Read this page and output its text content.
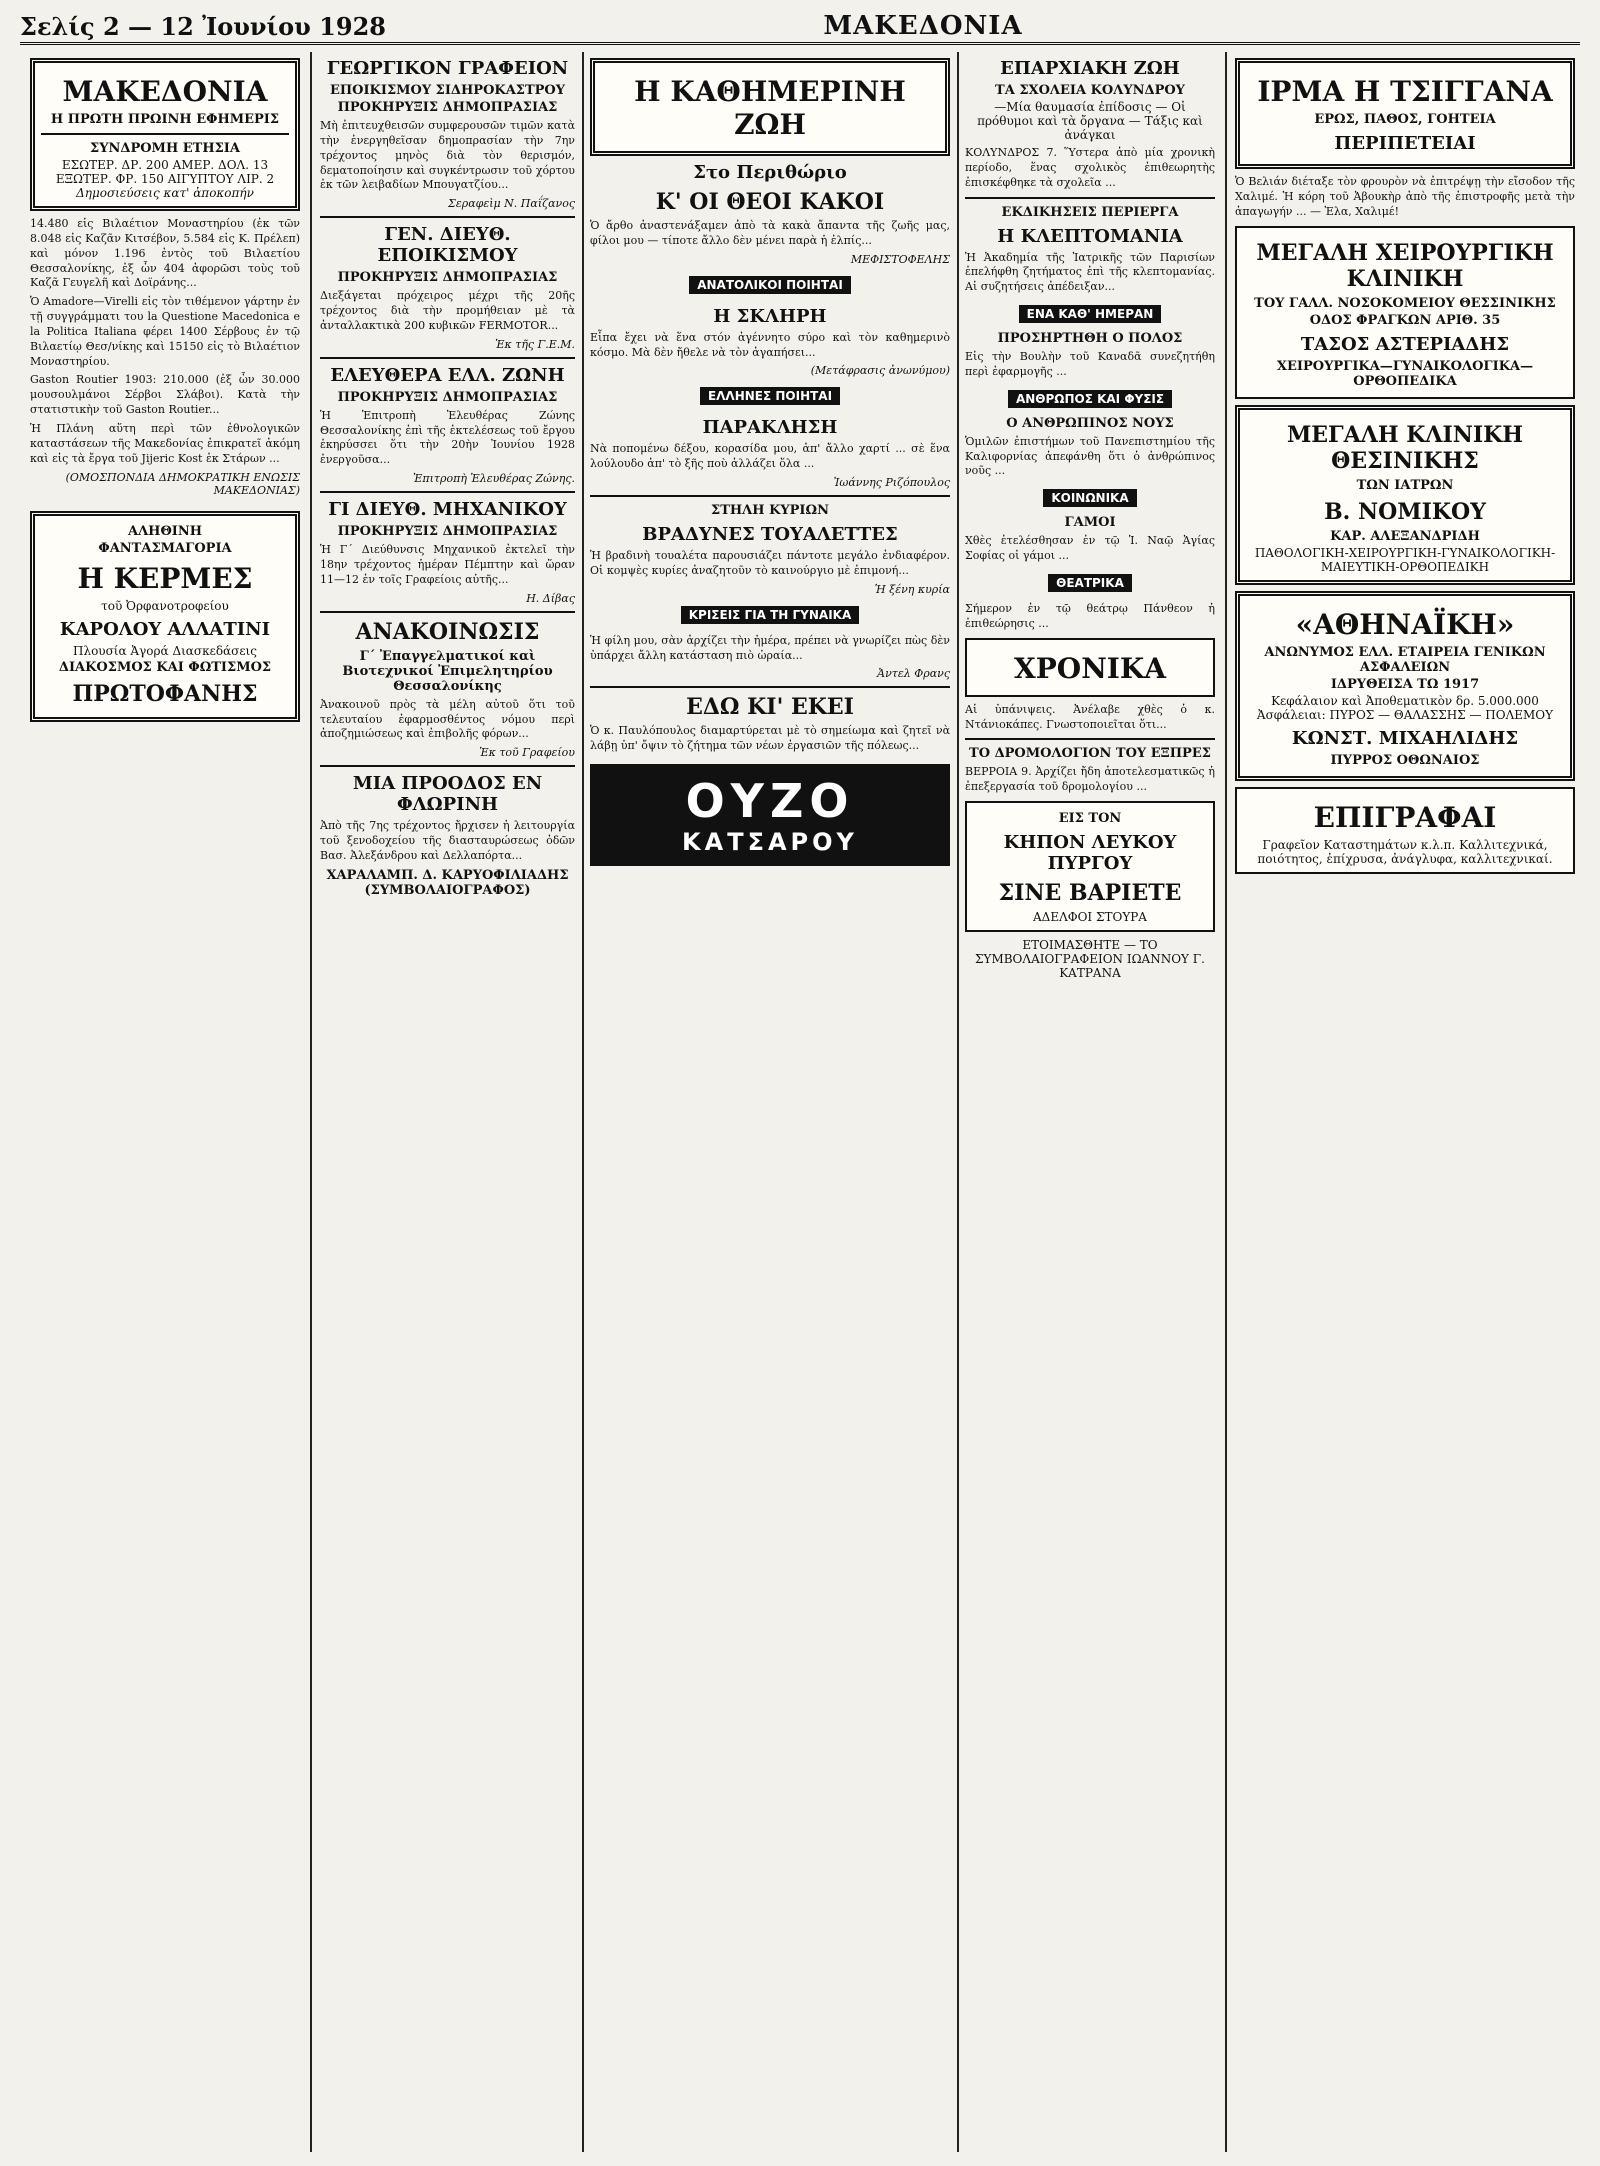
Σελίς 2 — 12 Ἰουνίου 1928	ΜΑΚΕΔΟΝΙΑ
ΜΑΚΕΔΟΝΙΑ
Η ΠΡΩΤΗ ΠΡΩΙΝΗ ΕΦΗΜΕΡΙΣ
ΣΥΝΔΡΟΜΗ ΕΤΗΣΙΑ
ΕΣΩΤΕΡ. ΔΡ. 200 ΑΜΕΡ. ΔΟΛ. 13
ΕΞΩΤΕΡ. ΦΡ. 150 ΑΙΓΥΠΤΟΥ ΛΙΡ. 2
Δημοσιεύσεις κατ' ἀποκοπήν

14.480 εἰς Βιλαέτιον Μοναστηρίου (ἐκ τῶν 8.048 εἰς Καζᾶν Κιτσέβον, 5.584 εἰς Κ. Πρέλεπ) καὶ μόνον 1.196 ἐντὸς τοῦ Βιλαετίου Θεσσαλονίκης, ἐξ ὧν 404 ἀφορῶσι τοὺς τοῦ Καζᾶ Γευγελῆ καὶ Δοϊράνης...

Ὁ Amadore—Virelli εἰς τὸν τιθέμενον γάρτην ἐν τῇ συγγράμματι του la Questione Macedonica e la Politica Italiana φέρει 1400 Σέρβους ἐν τῷ Βιλαετίῳ Θεσ/νίκης καὶ 15150 εἰς τὸ Βιλαέτιον Μοναστηρίου.

Gaston Routier 1903: 210.000 (ἐξ ὧν 30.000 μουσουλμάνοι Σέρβοι Σλάβοι). Κατὰ τὴν στατιστικὴν τοῦ Gaston Routier...

Ἡ Πλάνη αὕτη περὶ τῶν ἐθνολογικῶν καταστάσεων τῆς Μακεδονίας ἐπικρατεῖ ἀκόμη καὶ εἰς τὰ ἔργα τοῦ Jijeric Kost ἐκ Στάρων ...

(ΟΜΟΣΠΟΝΔΙΑ ΔΗΜΟΚΡΑΤΙΚΗ ΕΝΩΣΙΣ ΜΑΚΕΔΟΝΙΑΣ)
ΑΛΗΘΙΝΗ
ΦΑΝΤΑΣΜΑΓΟΡΙΑ
Η ΚΕΡΜΕΣ
τοῦ Ὀρφανοτροφείου
ΚΑΡΟΛΟΥ ΑΛΛΑΤΙΝΙ
Πλουσία Ἀγορά Διασκεδάσεις
ΔΙΑΚΟΣΜΟΣ ΚΑΙ ΦΩΤΙΣΜΟΣ
ΠΡΩΤΟΦΑΝΗΣ
ΓΕΩΡΓΙΚΟΝ ΓΡΑΦΕΙΟΝ
ΕΠΟΙΚΙΣΜΟΥ ΣΙΔΗΡΟΚΑΣΤΡΟΥ
ΠΡΟΚΗΡΥΞΙΣ ΔΗΜΟΠΡΑΣΙΑΣ

Μὴ ἐπιτευχθεισῶν συμφερουσῶν τιμῶν κατὰ τὴν ἐνεργηθεῖσαν δημοπρασίαν τὴν 7ην τρέχοντος μηνὸς διὰ τὸν θερισμόν, δεματοποίησιν καὶ συγκέντρωσιν τοῦ χόρτου ἐκ τῶν λειβαδίων Μπουγατζίου...

Σεραφεὶμ Ν. Παΐζανος
ΓΕΝ. ΔΙΕΥΘ. ΕΠΟΙΚΙΣΜΟΥ
ΠΡΟΚΗΡΥΞΙΣ ΔΗΜΟΠΡΑΣΙΑΣ

Διεξάγεται πρόχειρος μέχρι τῆς 20ῆς τρέχοντος διὰ τὴν προμήθειαν μὲ τὰ ἀνταλλακτικὰ 200 κυβικῶν FERMOTOR...

Ἐκ τῆς Γ.Ε.Μ.
ΕΛΕΥΘΕΡΑ ΕΛΛ. ΖΩΝΗ
ΠΡΟΚΗΡΥΞΙΣ ΔΗΜΟΠΡΑΣΙΑΣ

Ἡ Ἐπιτροπὴ Ἐλευθέρας Ζώνης Θεσσαλονίκης ἐπὶ τῆς ἐκτελέσεως τοῦ ἔργου ἐκηρύσσει ὅτι τὴν 20ὴν Ἰουνίου 1928 ἐνεργοῦσα...

Ἐπιτροπὴ Ἐλευθέρας Ζώνης.
ΓΙ ΔΙΕΥΘ. ΜΗΧΑΝΙΚΟΥ
ΠΡΟΚΗΡΥΞΙΣ ΔΗΜΟΠΡΑΣΙΑΣ

Ἡ Γ΄ Διεύθυνσις Μηχανικοῦ ἐκτελεῖ τὴν 18ην τρέχοντος ἡμέραν Πέμπτην καὶ ὥραν 11—12 ἐν τοῖς Γραφείοις αὐτῆς...

Η. Δίβας
ΑΝΑΚΟΙΝΩΣΙΣ
Γ΄ Ἐπαγγελματικοί καὶ Βιοτεχνικοί Ἐπιμελητηρίου Θεσσαλονίκης

Ἀνακοινοῦ πρὸς τὰ μέλη αὐτοῦ ὅτι τοῦ τελευταίου ἐφαρμοσθέντος νόμου περὶ ἀποζημιώσεως καὶ ἐπιβολῆς φόρων...

Ἐκ τοῦ Γραφείου
ΜΙΑ ΠΡΟΟΔΟΣ ΕΝ ΦΛΩΡΙΝΗ

Ἀπὸ τῆς 7ης τρέχοντος ἤρχισεν ἡ λειτουργία τοῦ ξενοδοχείου τῆς διασταυρώσεως ὁδῶν Βασ. Ἀλεξάνδρου καὶ Δελλαπόρτα...

ΧΑΡΑΛΑΜΠ. Δ. ΚΑΡΥΟΦΙΛΙΑΔΗΣ (ΣΥΜΒΟΛΑΙΟΓΡΑΦΟΣ)
Η ΚΑΘΗΜΕΡΙΝΗ ΖΩΗ
Στο Περιθώριο
Κ' ΟΙ ΘΕΟΙ ΚΑΚΟΙ

Ὁ ἄρθο ἀναστενάξαμεν ἀπὸ τὰ κακὰ ἄπαντα τῆς ζωῆς μας, φίλοι μου — τίποτε ἄλλο δὲν μένει παρὰ ἡ ἐλπίς...

ΜΕΦΙΣΤΟΦΕΛΗΣ
ΑΝΑΤΟΛΙΚΟΙ ΠΟΙΗΤΑΙ
Η ΣΚΛΗΡΗ

Εἶπα ἔχει νὰ ἕνα στόν ἀγέννητο σύρο καὶ τὸν καθημερινὸ κόσμο. Μὰ δὲν ἤθελε νὰ τὸν ἀγαπήσει...

(Μετάφρασις ἀνωνύμου)
ΕΛΛΗΝΕΣ ΠΟΙΗΤΑΙ
ΠΑΡΑΚΛΗΣΗ

Νὰ ποπομένω δέξου, κορασίδα μου, ἀπ' ἄλλο χαρτί ... σὲ ἕνα λούλουδο ἀπ' τὸ ξῆς ποὺ ἀλλάζει ὅλα ...

Ἰωάννης Ριζόπουλος
ΣΤΗΛΗ ΚΥΡΙΩΝ
ΒΡΑΔΥΝΕΣ ΤΟΥΑΛΕΤΤΕΣ

Ἡ βραδινὴ τουαλέτα παρουσιάζει πάντοτε μεγάλο ἐνδιαφέρον. Οἱ κομψὲς κυρίες ἀναζητοῦν τὸ καινούργιο μὲ ἐπιμονή...

Ἡ ξένη κυρία
ΚΡΙΣΕΙΣ ΓΙΑ ΤΗ ΓΥΝΑΙΚΑ

Ἡ φίλη μου, σὰν ἀρχίζει τὴν ἡμέρα, πρέπει νὰ γνωρίζει πὼς δὲν ὑπάρχει ἄλλη κατάσταση πιὸ ὡραία...

Ἀντελ Φρανς
ΕΔΩ ΚΙ' ΕΚΕΙ

Ὁ κ. Παυλόπουλος διαμαρτύρεται μὲ τὸ σημείωμα καὶ ζητεῖ νὰ λάβῃ ὑπ' ὄψιν τὸ ζήτημα τῶν νέων ἐργασιῶν τῆς πόλεως...

ΟΥΖΟ
ΚΑΤΣΑΡΟΥ
ΕΠΑΡΧΙΑΚΗ ΖΩΗ
ΤΑ ΣΧΟΛΕΙΑ ΚΟΛΥΝΔΡΟΥ
—Μία θαυμασία ἐπίδοσις — Οἱ πρόθυμοι καὶ τὰ ὄργανα — Τάξις καὶ ἀνάγκαι

ΚΟΛΥΝΔΡΟΣ 7. Ὕστερα ἀπὸ μία χρονικὴ περίοδο, ἕνας σχολικὸς ἐπιθεωρητὴς ἐπισκέφθηκε τὰ σχολεῖα ...

ΕΚΔΙΚΗΣΕΙΣ ΠΕΡΙΕΡΓΑ
Η ΚΛΕΠΤΟΜΑΝΙΑ

Ἡ Ἀκαδημία τῆς Ἰατρικῆς τῶν Παρισίων ἐπελήφθη ζητήματος ἐπὶ τῆς κλεπτομανίας. Αἱ συζητήσεις ἀπέδειξαν...

ΕΝΑ ΚΑΘ' ΗΜΕΡΑΝ
ΠΡΟΣΗΡΤΗΘΗ Ο ΠΟΛΟΣ

Εἰς τὴν Βουλὴν τοῦ Καναδᾶ συνεζητήθη περὶ ἐφαρμογῆς ...

ΑΝΘΡΩΠΟΣ ΚΑΙ ΦΥΣΙΣ
Ο ΑΝΘΡΩΠΙΝΟΣ ΝΟΥΣ

Ὁμιλῶν ἐπιστήμων τοῦ Πανεπιστημίου τῆς Καλιφορνίας ἀπεφάνθη ὅτι ὁ ἀνθρώπινος νοῦς ...

ΚΟΙΝΩΝΙΚΑ
ΓΑΜΟΙ

Χθὲς ἐτελέσθησαν ἐν τῷ Ἱ. Ναῷ Ἁγίας Σοφίας οἱ γάμοι ...

ΘΕΑΤΡΙΚΑ

Σήμερον ἐν τῷ θεάτρῳ Πάνθεον ἡ ἐπιθεώρησις ...

ΧΡΟΝΙΚΑ

Αἱ ὑπάνιψεις. Ἀνέλαβε χθὲς ὁ κ. Ντάνιοκάπες. Γνωστοποιεῖται ὅτι...

ΤΟ ΔΡΟΜΟΛΟΓΙΟΝ ΤΟΥ ΕΞΠΡΕΣ

ΒΕΡΡΟΙΑ 9. Ἀρχίζει ἤδη ἀποτελεσματικῶς ἡ ἐπεξεργασία τοῦ δρομολογίου ...

ΕΙΣ ΤΟΝ
ΚΗΠΟΝ ΛΕΥΚΟΥ ΠΥΡΓΟΥ
ΣΙΝΕ ΒΑΡΙΕΤΕ
ΑΔΕΛΦΟΙ ΣΤΟΥΡΑ
ΕΤΟΙΜΑΣΘΗΤΕ — ΤΟ ΣΥΜΒΟΛΑΙΟΓΡΑΦΕΙΟΝ ΙΩΑΝΝΟΥ Γ. ΚΑΤΡΑΝΑ
ΙΡΜΑ Η ΤΣΙΓΓΑΝΑ
ΕΡΩΣ, ΠΑΘΟΣ, ΓΟΗΤΕΙΑ
ΠΕΡΙΠΕΤΕΙΑΙ

Ὁ Βελιάν διέταξε τὸν φρουρὸν νὰ ἐπιτρέψῃ τὴν εἴσοδον τῆς Χαλιμέ. Ἡ κόρη τοῦ Ἀβουκὴρ ἀπὸ τῆς ἐπιστροφῆς μετὰ τὴν ἀπαγωγήν ... — Ἐλα, Χαλιμέ!

ΜΕΓΑΛΗ ΧΕΙΡΟΥΡΓΙΚΗ ΚΛΙΝΙΚΗ
ΤΟΥ ΓΑΛΛ. ΝΟΣΟΚΟΜΕΙΟΥ ΘΕΣΣΙΝΙΚΗΣ
ΟΔΟΣ ΦΡΑΓΚΩΝ ΑΡΙΘ. 35
ΤΑΣΟΣ ΑΣΤΕΡΙΑΔΗΣ
ΧΕΙΡΟΥΡΓΙΚΑ—ΓΥΝΑΙΚΟΛΟΓΙΚΑ—ΟΡΘΟΠΕΔΙΚΑ
ΜΕΓΑΛΗ ΚΛΙΝΙΚΗ ΘΕΣΙΝΙΚΗΣ
ΤΩΝ ΙΑΤΡΩΝ
Β. ΝΟΜΙΚΟΥ
ΚΑΡ. ΑΛΕΞΑΝΔΡΙΔΗ
ΠΑΘΟΛΟΓΙΚΗ-ΧΕΙΡΟΥΡΓΙΚΗ-ΓΥΝΑΙΚΟΛΟΓΙΚΗ-ΜΑΙΕΥΤΙΚΗ-ΟΡΘΟΠΕΔΙΚΗ
«ΑΘΗΝΑΪΚΗ»
ΑΝΩΝΥΜΟΣ ΕΛΛ. ΕΤΑΙΡΕΙΑ ΓΕΝΙΚΩΝ ΑΣΦΑΛΕΙΩΝ
ΙΔΡΥΘΕΙΣΑ ΤΩ 1917
Κεφάλαιον καὶ Ἀποθεματικὸν δρ. 5.000.000
Ἀσφάλειαι: ΠΥΡΟΣ — ΘΑΛΑΣΣΗΣ — ΠΟΛΕΜΟΥ
ΚΩΝΣΤ. ΜΙΧΑΗΛΙΔΗΣ
ΠΥΡΡΟΣ ΟΘΩΝΑΙΟΣ
ΕΠΙΓΡΑΦΑΙ
Γραφεῖον Καταστημάτων κ.λ.π. Καλλιτεχνικά, ποιότητος, ἐπίχρυσα, ἀνάγλυφα, καλλιτεχνικαί.
